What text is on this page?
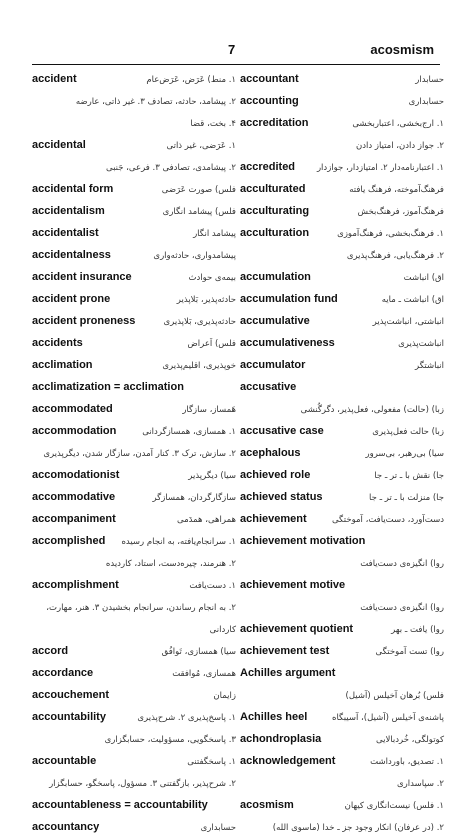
7	acosmism
accident	۱. منط) عَرَض، عَرَض‌عام
۲. پیشامد، حادثه، تصادف ۳. غیر ذاتی، عارضه
۴. بخت، قضا
accidental	۱. عَرَضی، غیر ذاتی
۲. پیشامدی، تصادفی ۳. فرعی، جَنبی
accidental form	فلس) صورت عَرَضی
accidentalism	فلس) پیشامد انگاری
accidentalist	پیشامد انگار
accidentalness	پیشامدواری، حادثه‌واری
accident insurance	بیمه‌ی حوادث
accident prone	حادثه‌پذیر، بَلاپذیر
accident proneness	حادثه‌پذیری، بَلاپذیری
accidents	فلس) اَعراض
acclimation	خوپذیری، اقلیم‌پذیری
acclimatization = acclimation
accommodated	هَمساز، سازگار
accommodation	۱. همسازی، همسازگردانی
۲. سازش، ترک ۳. کنار آمدن، سازگار شدن، دیگرپذیری
accomodationist	سیا) دیگرپذیر
accommodative	سازگارگردان، همسازگر
accompaniment	همراهی، همدَمی
accomplished ۱. سرانجام‌یافته، به انجام رسیده
۲. هنرمند، چیره‌دست، استاد، کاردیده
accomplishment	۱. دست‌یافت
۲. به انجام رساندن، سرانجام بخشیدن ۳. هنر، مهارت،
کاردانی
accord	سیا) همسازی، تَوافُق
accordance	همسازی، مُوافقت
accouchement	زایمان
accountability	۱. پاسخ‌پذیری ۲. شرح‌پذیری
۳. پاسخگویی، مسؤولیت، حسابگزاری
accountable	۱. پاسخگفتنی
۲. شرح‌پذیر، بازگفتنی ۳. مسؤول، پاسخگو، حسابگزار
accountableness = accountability
accountancy	حسابداری
accountant	حسابدار
accounting	حسابداری
accreditation	۱. ارج‌بخشی، اعتباربخشی
۲. جواز دادن، امتیاز دادن
accredited	۱. اعتبارنامه‌دار ۲. امتیازدار، جوازدار
acculturated	فرهنگ‌آموخته، فرهنگ یافته
acculturating	فرهنگ‌آموز، فرهنگ‌بخش
acculturation	۱. فرهنگ‌بخشی، فرهنگ‌آموزی
۲. فرهنگ‌یابی، فرهنگ‌پذیری
accumulation	اق) انباشت
accumulation fund	اق) انباشت ـ مایه
accumulative	انباشتی، انباشت‌پذیر
accumulativeness	انباشت‌پذیری
accumulator	انباشتگر
accusative
زبا) (حالت) مفعولی، فعل‌پذیر، دگرگُنشی
accusative case	زبا) حالت فعل‌پذیری
acephalous	سیا) بی‌رهبر، بی‌سرور
achieved role	جا) نقش با ـ تر ـ جا
achieved status	جا) منزلت با ـ تر ـ جا
achievement	دست‌آورد، دست‌یافت، آموختگی
achievement motivation
روا) انگیزه‌ی دست‌یافت
achievement motive
روا) انگیزه‌ی دست‌یافت
achievement quotient	روا) یافت ـ بهر
achievement test	روا) تست آموختگی
Achilles argument
فلس) بُرهان آخیلس (آشیل)
Achilles heel	پاشنه‌ی آخیلس (آشیل)، آسیبگاه
achondroplasia	کوتولگی، خُردبالایی
acknowledgement	۱. تصدیق، باورداشت
۲. سپاسداری
acosmism	۱. فلس) نیست‌انگاری کیهان
۲. (در عرفان) انکار وجود جز ـ خدا (ماسوی الله)
